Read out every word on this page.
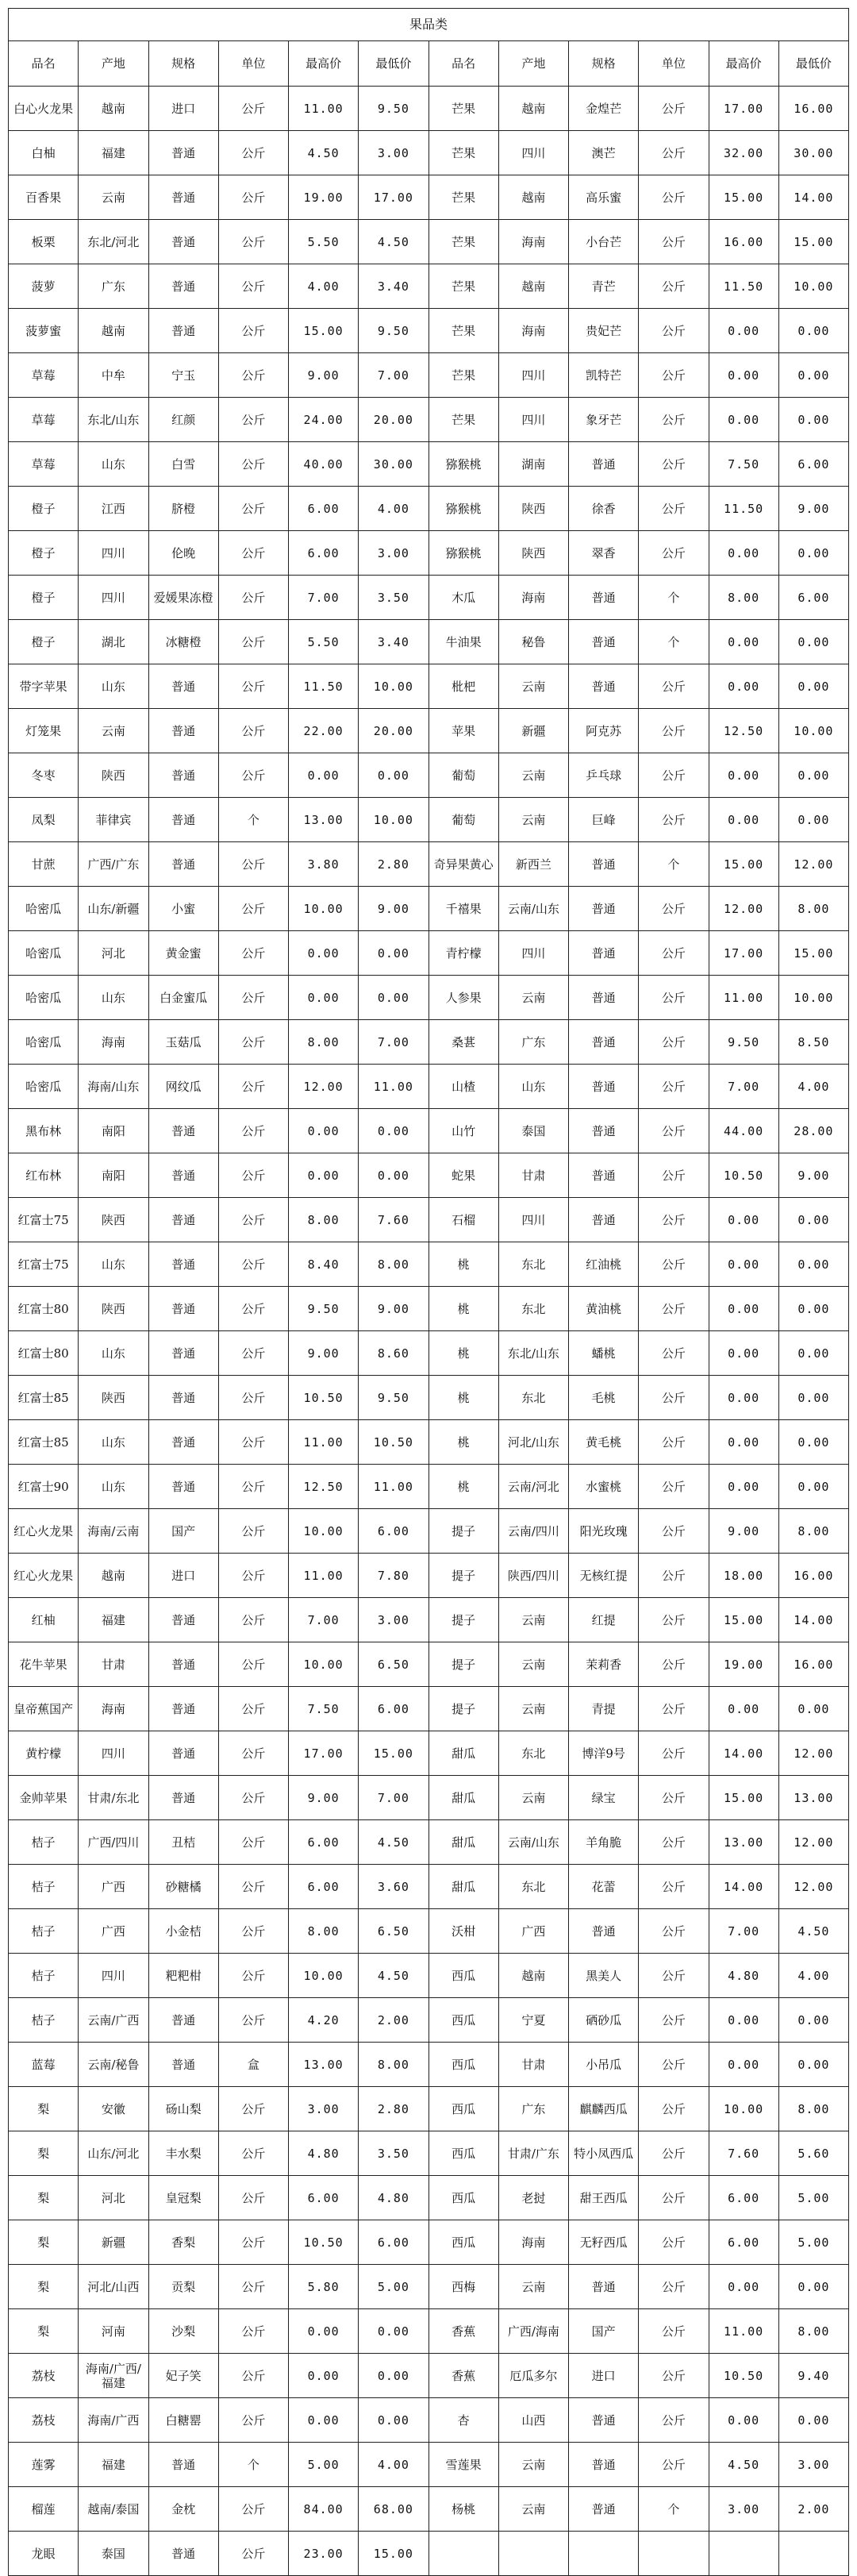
果品类
品名	产地	规格	单位	最高价	最低价	品名	产地	规格	单位	最高价	最低价
白心火龙果	越南	进口	公斤	11.00	9.50	芒果	越南	金煌芒	公斤	17.00	16.00
白柚	福建	普通	公斤	4.50	3.00	芒果	四川	澳芒	公斤	32.00	30.00
百香果	云南	普通	公斤	19.00	17.00	芒果	越南	高乐蜜	公斤	15.00	14.00
板栗	东北/河北	普通	公斤	5.50	4.50	芒果	海南	小台芒	公斤	16.00	15.00
菠萝	广东	普通	公斤	4.00	3.40	芒果	越南	青芒	公斤	11.50	10.00
菠萝蜜	越南	普通	公斤	15.00	9.50	芒果	海南	贵妃芒	公斤	0.00	0.00
草莓	中牟	宁玉	公斤	9.00	7.00	芒果	四川	凯特芒	公斤	0.00	0.00
草莓	东北/山东	红颜	公斤	24.00	20.00	芒果	四川	象牙芒	公斤	0.00	0.00
草莓	山东	白雪	公斤	40.00	30.00	猕猴桃	湖南	普通	公斤	7.50	6.00
橙子	江西	脐橙	公斤	6.00	4.00	猕猴桃	陕西	徐香	公斤	11.50	9.00
橙子	四川	伦晚	公斤	6.00	3.00	猕猴桃	陕西	翠香	公斤	0.00	0.00
橙子	四川	爱媛果冻橙	公斤	7.00	3.50	木瓜	海南	普通	个	8.00	6.00
橙子	湖北	冰糖橙	公斤	5.50	3.40	牛油果	秘鲁	普通	个	0.00	0.00
带字苹果	山东	普通	公斤	11.50	10.00	枇杷	云南	普通	公斤	0.00	0.00
灯笼果	云南	普通	公斤	22.00	20.00	苹果	新疆	阿克苏	公斤	12.50	10.00
冬枣	陕西	普通	公斤	0.00	0.00	葡萄	云南	乒乓球	公斤	0.00	0.00
凤梨	菲律宾	普通	个	13.00	10.00	葡萄	云南	巨峰	公斤	0.00	0.00
甘蔗	广西/广东	普通	公斤	3.80	2.80	奇异果黄心	新西兰	普通	个	15.00	12.00
哈密瓜	山东/新疆	小蜜	公斤	10.00	9.00	千禧果	云南/山东	普通	公斤	12.00	8.00
哈密瓜	河北	黄金蜜	公斤	0.00	0.00	青柠檬	四川	普通	公斤	17.00	15.00
哈密瓜	山东	白金蜜瓜	公斤	0.00	0.00	人参果	云南	普通	公斤	11.00	10.00
哈密瓜	海南	玉菇瓜	公斤	8.00	7.00	桑葚	广东	普通	公斤	9.50	8.50
哈密瓜	海南/山东	网纹瓜	公斤	12.00	11.00	山楂	山东	普通	公斤	7.00	4.00
黑布林	南阳	普通	公斤	0.00	0.00	山竹	泰国	普通	公斤	44.00	28.00
红布林	南阳	普通	公斤	0.00	0.00	蛇果	甘肃	普通	公斤	10.50	9.00
红富士75	陕西	普通	公斤	8.00	7.60	石榴	四川	普通	公斤	0.00	0.00
红富士75	山东	普通	公斤	8.40	8.00	桃	东北	红油桃	公斤	0.00	0.00
红富士80	陕西	普通	公斤	9.50	9.00	桃	东北	黄油桃	公斤	0.00	0.00
红富士80	山东	普通	公斤	9.00	8.60	桃	东北/山东	蟠桃	公斤	0.00	0.00
红富士85	陕西	普通	公斤	10.50	9.50	桃	东北	毛桃	公斤	0.00	0.00
红富士85	山东	普通	公斤	11.00	10.50	桃	河北/山东	黄毛桃	公斤	0.00	0.00
红富士90	山东	普通	公斤	12.50	11.00	桃	云南/河北	水蜜桃	公斤	0.00	0.00
红心火龙果	海南/云南	国产	公斤	10.00	6.00	提子	云南/四川	阳光玫瑰	公斤	9.00	8.00
红心火龙果	越南	进口	公斤	11.00	7.80	提子	陕西/四川	无核红提	公斤	18.00	16.00
红柚	福建	普通	公斤	7.00	3.00	提子	云南	红提	公斤	15.00	14.00
花牛苹果	甘肃	普通	公斤	10.00	6.50	提子	云南	茉莉香	公斤	19.00	16.00
皇帝蕉国产	海南	普通	公斤	7.50	6.00	提子	云南	青提	公斤	0.00	0.00
黄柠檬	四川	普通	公斤	17.00	15.00	甜瓜	东北	博洋9号	公斤	14.00	12.00
金帅苹果	甘肃/东北	普通	公斤	9.00	7.00	甜瓜	云南	绿宝	公斤	15.00	13.00
桔子	广西/四川	丑桔	公斤	6.00	4.50	甜瓜	云南/山东	羊角脆	公斤	13.00	12.00
桔子	广西	砂糖橘	公斤	6.00	3.60	甜瓜	东北	花蕾	公斤	14.00	12.00
桔子	广西	小金桔	公斤	8.00	6.50	沃柑	广西	普通	公斤	7.00	4.50
桔子	四川	粑粑柑	公斤	10.00	4.50	西瓜	越南	黑美人	公斤	4.80	4.00
桔子	云南/广西	普通	公斤	4.20	2.00	西瓜	宁夏	硒砂瓜	公斤	0.00	0.00
蓝莓	云南/秘鲁	普通	盒	13.00	8.00	西瓜	甘肃	小吊瓜	公斤	0.00	0.00
梨	安徽	砀山梨	公斤	3.00	2.80	西瓜	广东	麒麟西瓜	公斤	10.00	8.00
梨	山东/河北	丰水梨	公斤	4.80	3.50	西瓜	甘肃/广东	特小凤西瓜	公斤	7.60	5.60
梨	河北	皇冠梨	公斤	6.00	4.80	西瓜	老挝	甜王西瓜	公斤	6.00	5.00
梨	新疆	香梨	公斤	10.50	6.00	西瓜	海南	无籽西瓜	公斤	6.00	5.00
梨	河北/山西	贡梨	公斤	5.80	5.00	西梅	云南	普通	公斤	0.00	0.00
梨	河南	沙梨	公斤	0.00	0.00	香蕉	广西/海南	国产	公斤	11.00	8.00
荔枝	海南/广西/福建	妃子笑	公斤	0.00	0.00	香蕉	厄瓜多尔	进口	公斤	10.50	9.40
荔枝	海南/广西	白糖罂	公斤	0.00	0.00	杏	山西	普通	公斤	0.00	0.00
莲雾	福建	普通	个	5.00	4.00	雪莲果	云南	普通	公斤	4.50	3.00
榴莲	越南/泰国	金枕	公斤	84.00	68.00	杨桃	云南	普通	个	3.00	2.00
龙眼	泰国	普通	公斤	23.00	15.00						
